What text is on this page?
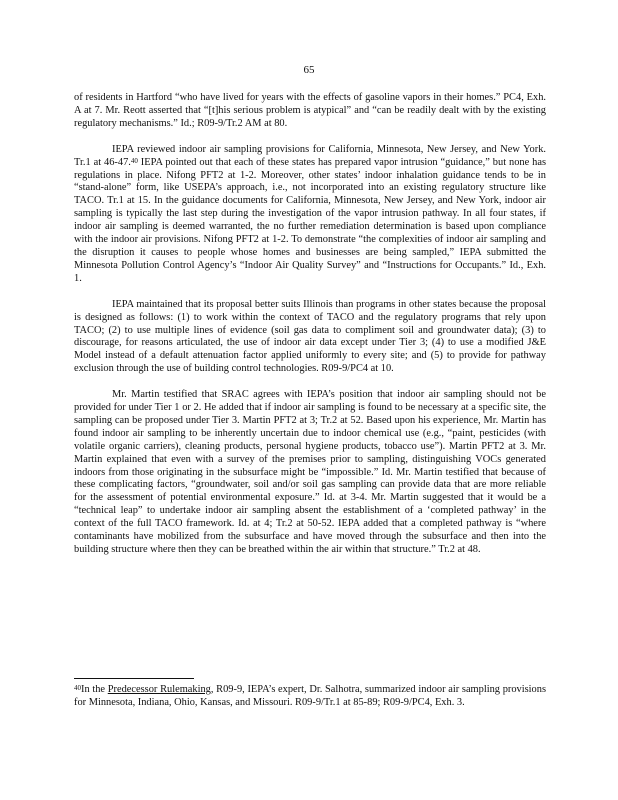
65

of residents in Hartford “who have lived for years with the effects of gasoline vapors in their homes.” PC4, Exh. A at 7. Mr. Reott asserted that “[t]his serious problem is atypical” and “can be readily dealt with by the existing regulatory mechanisms.” Id.; R09-9/Tr.2 AM at 80.

IEPA reviewed indoor air sampling provisions for California, Minnesota, New Jersey, and New York. Tr.1 at 46-47.40 IEPA pointed out that each of these states has prepared vapor intrusion “guidance,” but none has regulations in place. Nifong PFT2 at 1-2. Moreover, other states’ indoor inhalation guidance tends to be in “stand-alone” form, like USEPA’s approach, i.e., not incorporated into an existing regulatory structure like TACO. Tr.1 at 15. In the guidance documents for California, Minnesota, New Jersey, and New York, indoor air sampling is typically the last step during the investigation of the vapor intrusion pathway. In all four states, if indoor air sampling is deemed warranted, the no further remediation determination is based upon compliance with the indoor air provisions. Nifong PFT2 at 1-2. To demonstrate “the complexities of indoor air sampling and the disruption it causes to people whose homes and businesses are being sampled,” IEPA submitted the Minnesota Pollution Control Agency’s “Indoor Air Quality Survey” and “Instructions for Occupants.” Id., Exh. 1.

IEPA maintained that its proposal better suits Illinois than programs in other states because the proposal is designed as follows: (1) to work within the context of TACO and the regulatory programs that rely upon TACO; (2) to use multiple lines of evidence (soil gas data to compliment soil and groundwater data); (3) to discourage, for reasons articulated, the use of indoor air data except under Tier 3; (4) to use a modified J&E Model instead of a default attenuation factor applied uniformly to every site; and (5) to provide for pathway exclusion through the use of building control technologies. R09-9/PC4 at 10.

Mr. Martin testified that SRAC agrees with IEPA’s position that indoor air sampling should not be provided for under Tier 1 or 2. He added that if indoor air sampling is found to be necessary at a specific site, the sampling can be proposed under Tier 3. Martin PFT2 at 3; Tr.2 at 52. Based upon his experience, Mr. Martin has found indoor air sampling to be inherently uncertain due to indoor chemical use (e.g., “paint, pesticides (with volatile organic carriers), cleaning products, personal hygiene products, tobacco use”). Martin PFT2 at 3. Mr. Martin explained that even with a survey of the premises prior to sampling, distinguishing VOCs generated indoors from those originating in the subsurface might be “impossible.” Id. Mr. Martin testified that because of these complicating factors, “groundwater, soil and/or soil gas sampling can provide data that are more reliable for the assessment of potential environmental exposure.” Id. at 3-4. Mr. Martin suggested that it would be a “technical leap” to undertake indoor air sampling absent the establishment of a ‘completed pathway’ in the context of the full TACO framework. Id. at 4; Tr.2 at 50-52. IEPA added that a completed pathway is “where contaminants have mobilized from the subsurface and have moved through the subsurface and then into the building structure where then they can be breathed within the air within that structure.” Tr.2 at 48.

$^{40}$In the Predecessor Rulemaking, R09-9, IEPA’s expert, Dr. Salhotra, summarized indoor air sampling provisions for Minnesota, Indiana, Ohio, Kansas, and Missouri. R09-9/Tr.1 at 85-89; R09-9/PC4, Exh. 3.
